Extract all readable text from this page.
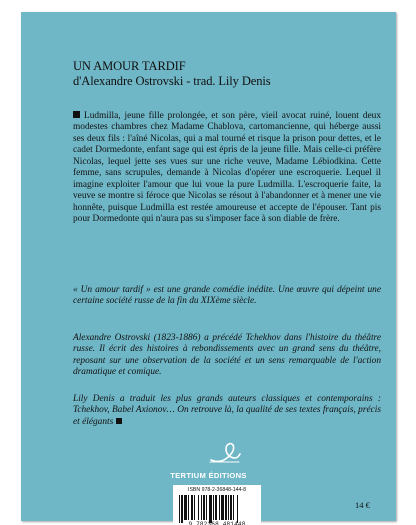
UN AMOUR TARDIF
d'Alexandre Ostrovski - trad. Lily Denis
Ludmilla, jeune fille prolongée, et son père, vieil avocat ruiné, louent deux modestes chambres chez Madame Chablova, cartomancienne, qui héberge aussi ses deux fils : l'aîné Nicolas, qui a mal tourné et risque la prison pour dettes, et le cadet Dormedonte, enfant sage qui est épris de la jeune fille. Mais celle-ci préfère Nicolas, lequel jette ses vues sur une riche veuve, Madame Lébiodkina. Cette femme, sans scrupules, demande à Nicolas d'opérer une escroquerie. Lequel il imagine exploiter l'amour que lui voue la pure Ludmilla. L'escroquerie faite, la veuve se montre si féroce que Nicolas se résout à l'abandonner et à mener une vie honnête, puisque Ludmilla est restée amoureuse et accepte de l'épouser. Tant pis pour Dormedonte qui n'aura pas su s'imposer face à son diable de frère.
« Un amour tardif » est une grande comédie inédite. Une œuvre qui dépeint une certaine société russe de la fin du XIXème siècle.
Alexandre Ostrovski (1823-1886) a précédé Tchekhov dans l'histoire du théâtre russe. Il écrit des histoires à rebondissements avec un grand sens du théâtre, reposant sur une observation de la société et un sens remarquable de l'action dramatique et comique.
Lily Denis a traduit les plus grands auteurs classiques et contemporains : Tchekhov, Babel Axionov… On retrouve là, la qualité de ses textes français, précis et élégants
TERTIUM ÉDITIONS
ISBN 978-2-36848-144-8
9 782368 481448
14 €
